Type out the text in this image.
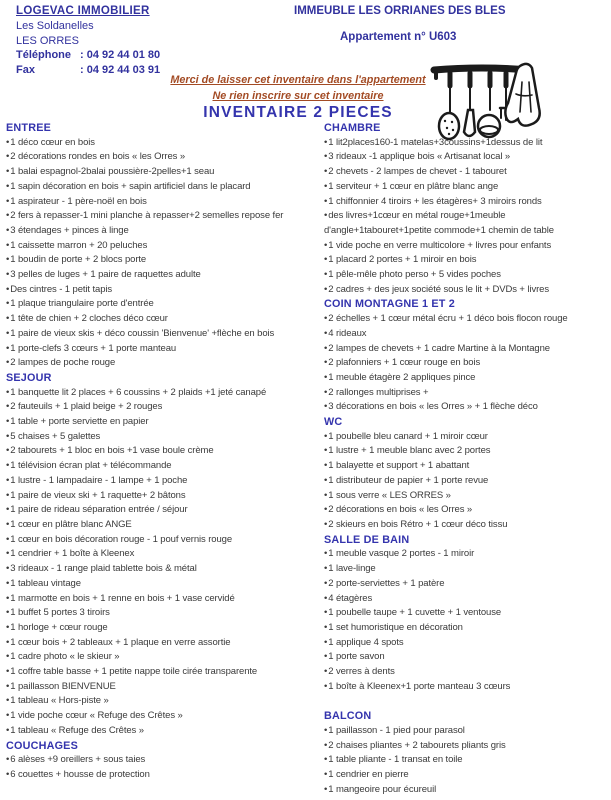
LOGEVAC IMMOBILIER
Les Soldanelles
LES ORRES
Téléphone : 04 92 44 01 80
Fax	: 04 92 44 03 91
IMMEUBLE LES ORRIANES DES BLES
Appartement n° U603
Merci de laisser cet inventaire dans l'appartement
Ne rien inscrire sur cet inventaire
INVENTAIRE 2 PIECES
ENTREE
•1 déco cœur en bois
•2 décorations rondes en bois « les Orres »
•1 balai espagnol-2balai poussière-2pelles+1 seau
•1 sapin décoration en bois + sapin artificiel dans le placard
•1 aspirateur - 1 père-noël en bois
•2 fers à repasser-1 mini planche à repasser+2 semelles repose fer
•3 étendages + pinces à linge
•1 caissette marron + 20 peluches
•1 boudin de porte + 2 blocs porte
•3 pelles de luges + 1 paire de raquettes adulte
•Des cintres - 1 petit tapis
•1 plaque triangulaire porte d'entrée
•1 tête de chien + 2 cloches déco cœur
•1 paire de vieux skis + déco coussin 'Bienvenue' +flèche en bois
•1 porte-clefs 3 cœurs + 1 porte manteau
•2 lampes de poche rouge
SEJOUR
•1 banquette lit 2 places + 6 coussins + 2 plaids +1 jeté canapé
•2 fauteuils + 1 plaid beige + 2 rouges
•1 table + porte serviette en papier
•5 chaises + 5 galettes
•2 tabourets + 1 bloc en bois +1 vase boule crème
•1 télévision écran plat + télécommande
•1 lustre - 1 lampadaire - 1 lampe + 1 poche
•1 paire de vieux ski + 1 raquette+ 2 bâtons
•1 paire de rideau séparation entrée / séjour
•1 cœur en plâtre blanc ANGE
•1 cœur en bois décoration rouge - 1 pouf vernis rouge
•1 cendrier + 1 boîte à Kleenex
•3 rideaux - 1 range plaid tablette bois & métal
•1 tableau vintage
•1 marmotte en bois + 1 renne en bois + 1 vase cervidé
•1 buffet 5 portes 3 tiroirs
•1 horloge + cœur rouge
•1 cœur bois + 2 tableaux + 1 plaque en verre assortie
•1 cadre photo « le skieur »
•1 coffre table basse + 1 petite nappe toile cirée transparente
•1 paillasson BIENVENUE
•1 tableau « Hors-piste »
•1 vide poche cœur « Refuge des Crêtes »
•1 tableau « Refuge des Crêtes »
COUCHAGES
•6 alèses +9 oreillers + sous taies
•6 couettes + housse de protection
CHAMBRE
•1 lit2places160-1 matelas+3coussins+1dessus de lit
•3 rideaux -1 applique bois « Artisanat local »
•2 chevets - 2 lampes de chevet - 1 tabouret
•1 serviteur + 1 cœur en plâtre blanc ange
•1 chiffonnier 4 tiroirs + les étagères+ 3 miroirs ronds
•des livres+1cœur en métal rouge+1meuble d'angle+1tabouret+1petite commode+1 chemin de table
•1 vide poche en verre multicolore + livres pour enfants
•1 placard 2 portes + 1 miroir en bois
•1 pêle-mêle photo perso + 5 vides poches
•2 cadres + des jeux société sous le lit + DVDs + livres
COIN MONTAGNE 1 ET 2
•2 échelles + 1 cœur métal écru + 1 déco bois flocon rouge
•4 rideaux
•2 lampes de chevets + 1 cadre Martine à la Montagne
•2 plafonniers + 1 cœur rouge en bois
•1 meuble étagère 2 appliques pince
•2 rallonges multiprises +
•3 décorations en bois « les Orres » + 1 flèche déco
WC
•1 poubelle bleu canard + 1 miroir cœur
•1 lustre + 1 meuble blanc avec 2 portes
•1 balayette et support + 1 abattant
•1 distributeur de papier + 1 porte revue
•1 sous verre « LES ORRES »
•2 décorations en bois « les Orres »
•2 skieurs en bois Rétro + 1 cœur déco tissu
SALLE DE BAIN
•1 meuble vasque 2 portes - 1 miroir
•1 lave-linge
•2 porte-serviettes + 1 patère
•4 étagères
•1 poubelle taupe + 1 cuvette + 1 ventouse
•1 set humoristique en décoration
•1 applique 4 spots
•1 porte savon
•2 verres à dents
•1 boîte à Kleenex+1 porte manteau 3 cœurs
BALCON
•1 paillasson - 1 pied pour parasol
•2 chaises pliantes + 2 tabourets pliants gris
•1 table pliante - 1 transat en toile
•1 cendrier en pierre
•1 mangeoire pour écureuil
